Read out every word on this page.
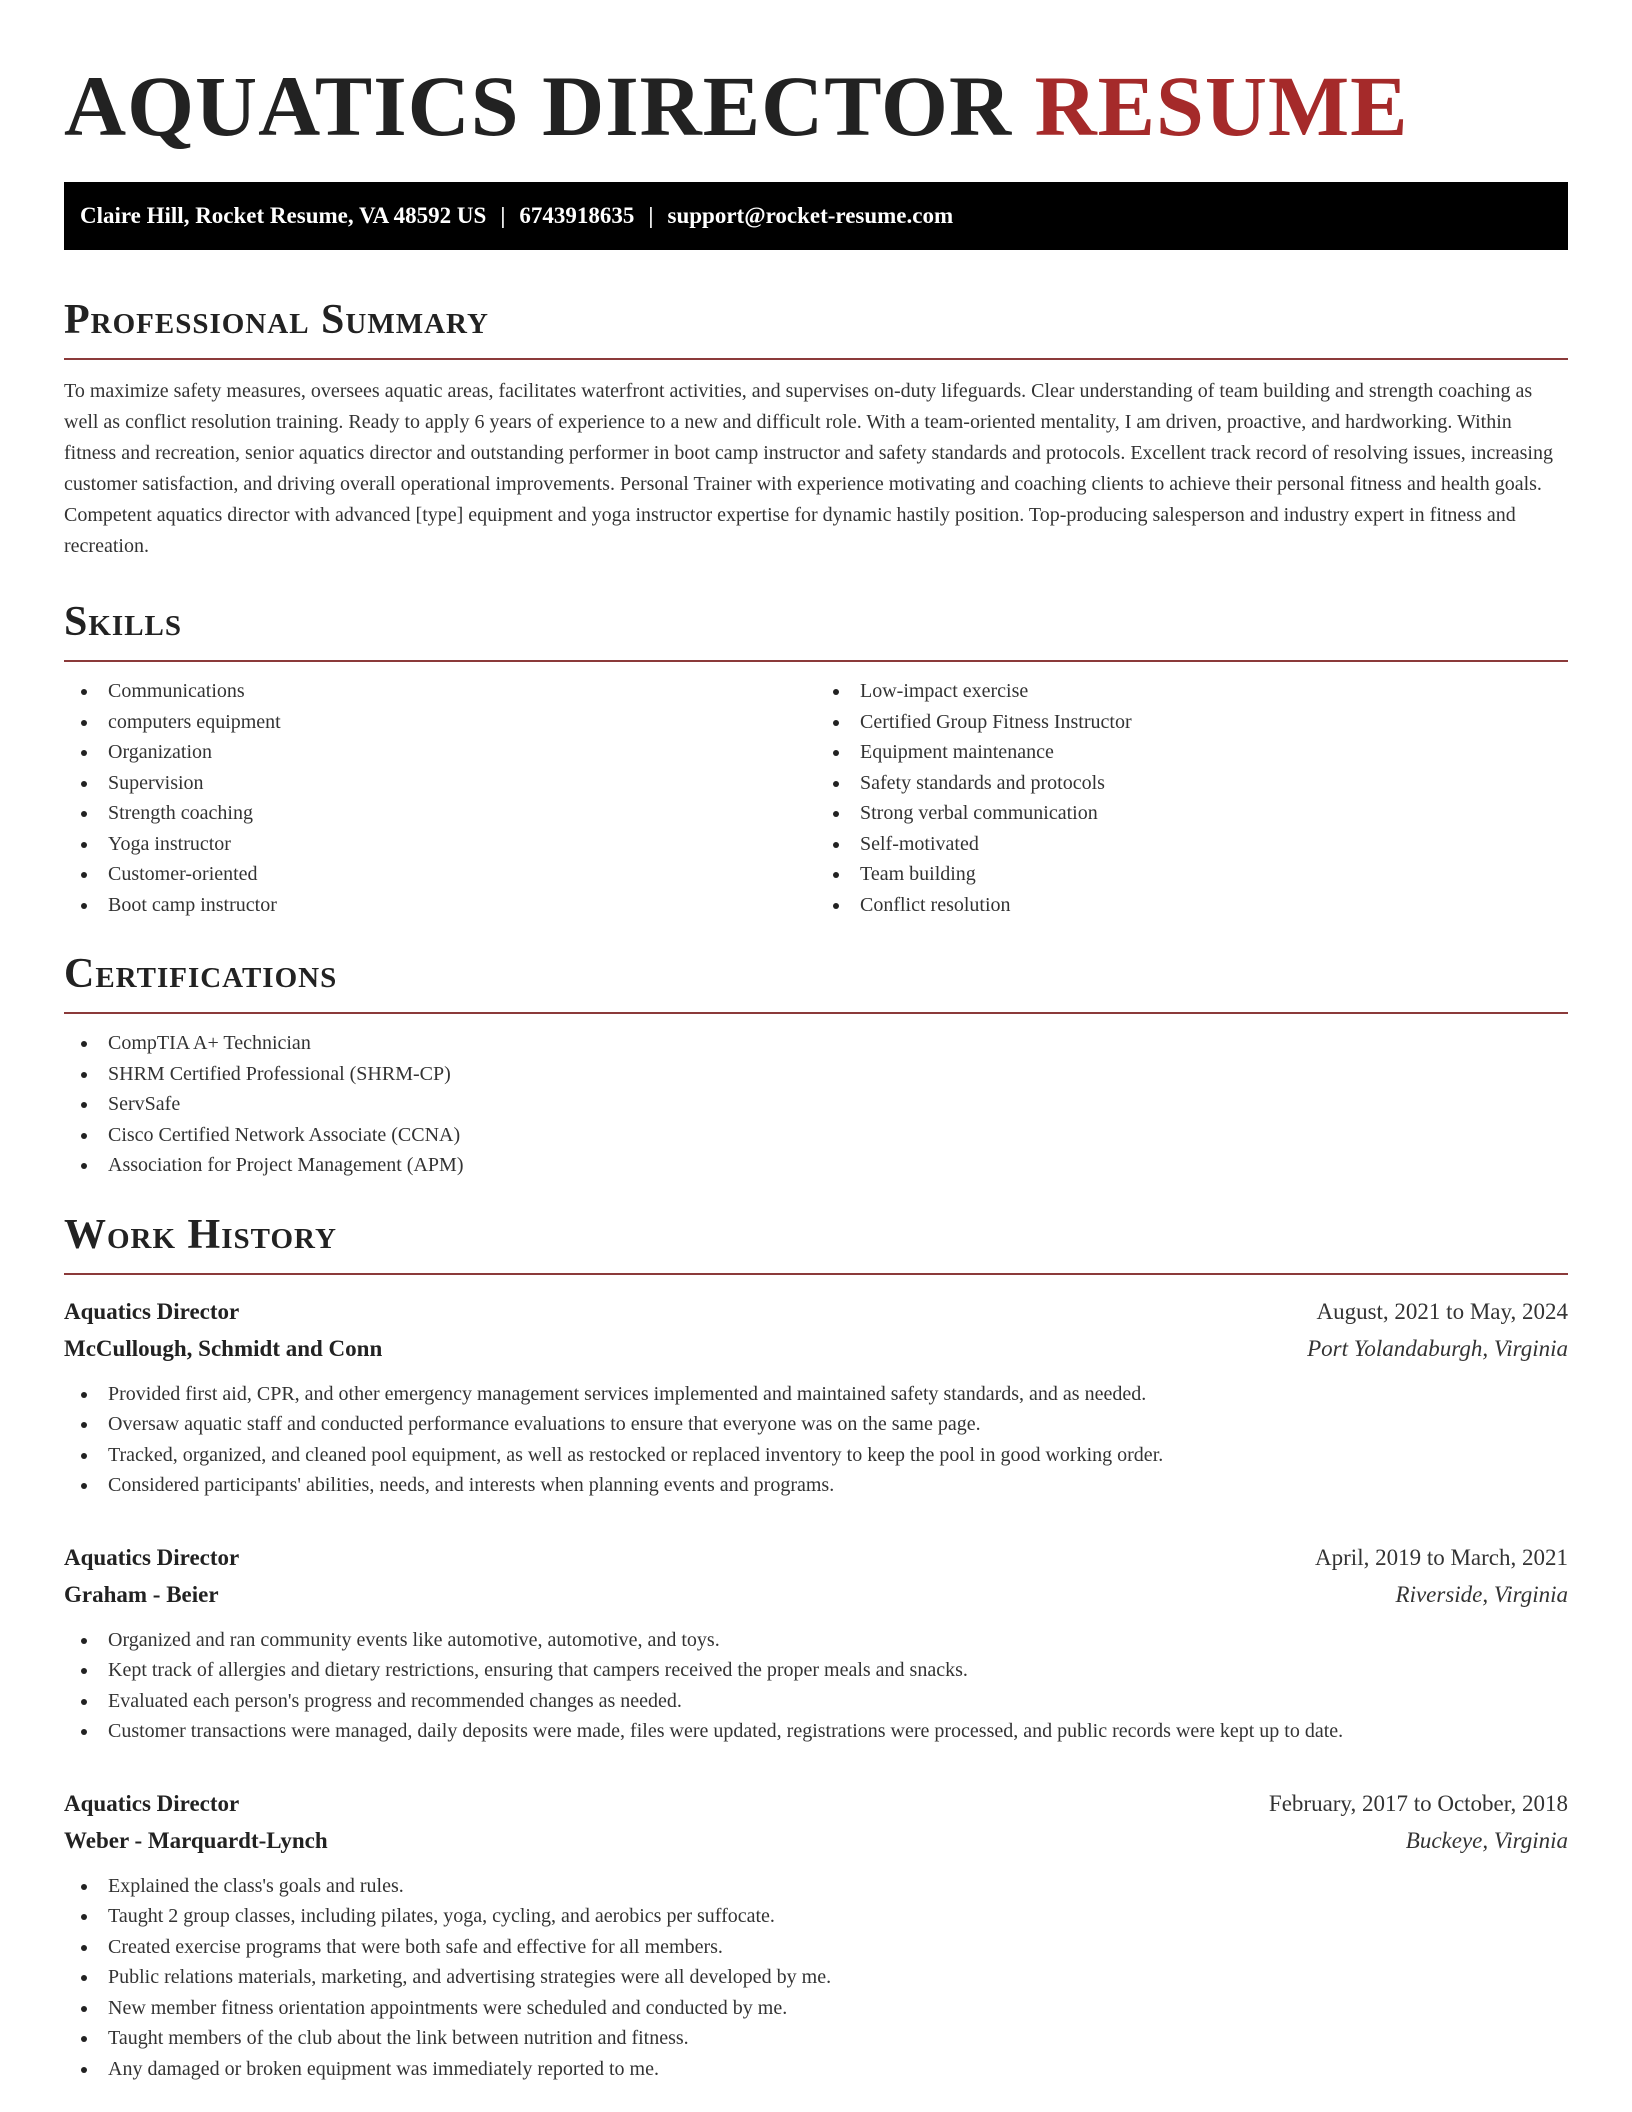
AQUATICS DIRECTOR RESUME
Claire Hill, Rocket Resume, VA 48592 US | 6743918635 | support@rocket-resume.com
Professional Summary

To maximize safety measures, oversees aquatic areas, facilitates waterfront activities, and supervises on-duty lifeguards. Clear understanding of team building and strength coaching as well as conflict resolution training. Ready to apply 6 years of experience to a new and difficult role. With a team-oriented mentality, I am driven, proactive, and hardworking. Within fitness and recreation, senior aquatics director and outstanding performer in boot camp instructor and safety standards and protocols. Excellent track record of resolving issues, increasing customer satisfaction, and driving overall operational improvements. Personal Trainer with experience motivating and coaching clients to achieve their personal fitness and health goals. Competent aquatics director with advanced [type] equipment and yoga instructor expertise for dynamic hastily position. Top-producing salesperson and industry expert in fitness and recreation.

Skills
Communications
computers equipment
Organization
Supervision
Strength coaching
Yoga instructor
Customer-oriented
Boot camp instructor
Low-impact exercise
Certified Group Fitness Instructor
Equipment maintenance
Safety standards and protocols
Strong verbal communication
Self-motivated
Team building
Conflict resolution
Certifications
CompTIA A+ Technician
SHRM Certified Professional (SHRM-CP)
ServSafe
Cisco Certified Network Associate (CCNA)
Association for Project Management (APM)
Work History
Aquatics Director	August, 2021 to May, 2024
McCullough, Schmidt and Conn	Port Yolandaburgh, Virginia
Provided first aid, CPR, and other emergency management services implemented and maintained safety standards, and as needed.
Oversaw aquatic staff and conducted performance evaluations to ensure that everyone was on the same page.
Tracked, organized, and cleaned pool equipment, as well as restocked or replaced inventory to keep the pool in good working order.
Considered participants' abilities, needs, and interests when planning events and programs.
Aquatics Director	April, 2019 to March, 2021
Graham - Beier	Riverside, Virginia
Organized and ran community events like automotive, automotive, and toys.
Kept track of allergies and dietary restrictions, ensuring that campers received the proper meals and snacks.
Evaluated each person's progress and recommended changes as needed.
Customer transactions were managed, daily deposits were made, files were updated, registrations were processed, and public records were kept up to date.
Aquatics Director	February, 2017 to October, 2018
Weber - Marquardt-Lynch	Buckeye, Virginia
Explained the class's goals and rules.
Taught 2 group classes, including pilates, yoga, cycling, and aerobics per suffocate.
Created exercise programs that were both safe and effective for all members.
Public relations materials, marketing, and advertising strategies were all developed by me.
New member fitness orientation appointments were scheduled and conducted by me.
Taught members of the club about the link between nutrition and fitness.
Any damaged or broken equipment was immediately reported to me.
